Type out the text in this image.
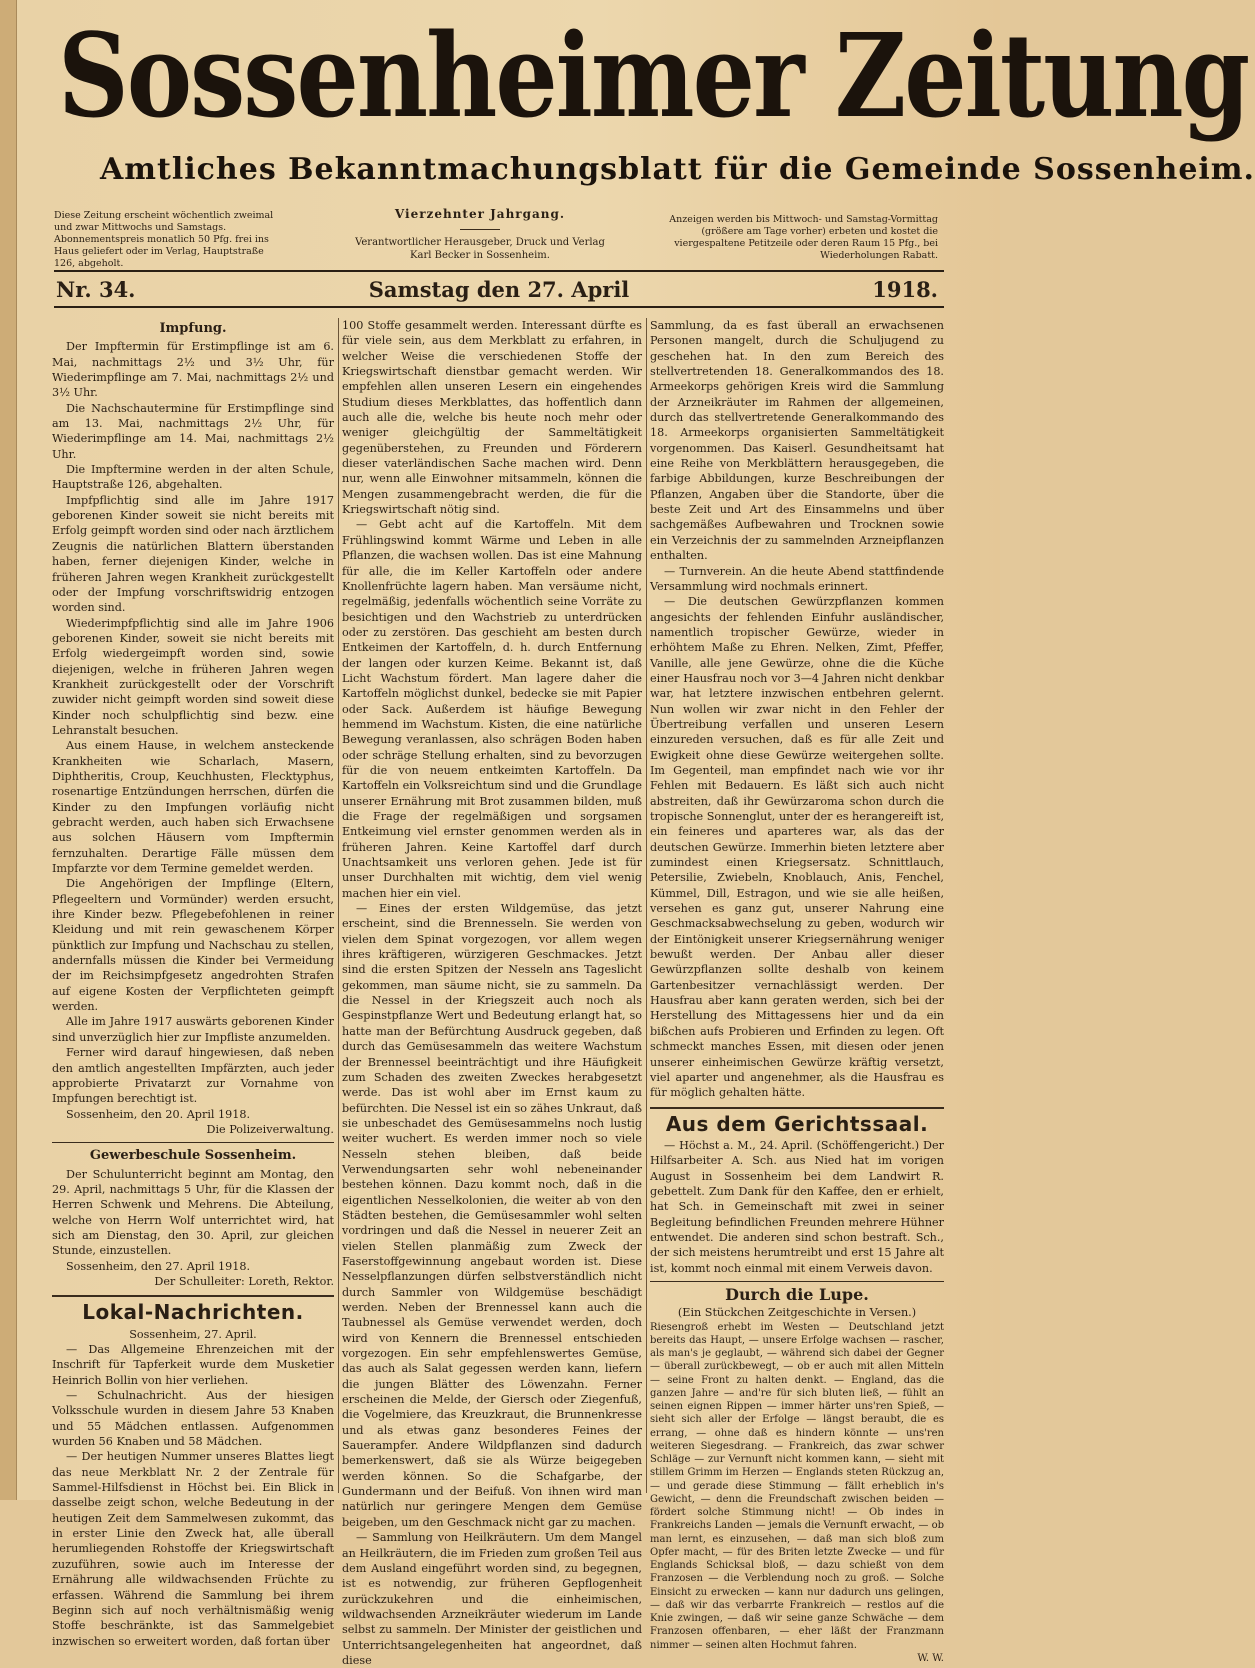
Sossenheimer Zeitung
Amtliches Bekanntmachungsblatt für die Gemeinde Sossenheim.
Diese Zeitung erscheint wöchentlich zweimal und zwar Mittwochs und Samstags. Abonnementspreis monatlich 50 Pfg. frei ins Haus geliefert oder im Verlag, Hauptstraße 126, abgeholt.
Vierzehnter Jahrgang.
Verantwortlicher Herausgeber, Druck und Verlag
Karl Becker in Sossenheim.
Anzeigen werden bis Mittwoch- und Samstag-Vormittag (größere am Tage vorher) erbeten und kostet die viergespaltene Petitzeile oder deren Raum 15 Pfg., bei Wiederholungen Rabatt.
Nr. 34.	Samstag den 27. April	1918.
Impfung.

Der Impftermin für Erstimpflinge ist am 6. Mai, nachmittags 2½ und 3½ Uhr, für Wiederimpflinge am 7. Mai, nachmittags 2½ und 3½ Uhr.

Die Nachschautermine für Erstimpflinge sind am 13. Mai, nachmittags 2½ Uhr, für Wiederimpflinge am 14. Mai, nachmittags 2½ Uhr.

Die Impftermine werden in der alten Schule, Hauptstraße 126, abgehalten.

Impfpflichtig sind alle im Jahre 1917 geborenen Kinder soweit sie nicht bereits mit Erfolg geimpft worden sind oder nach ärztlichem Zeugnis die natürlichen Blattern überstanden haben, ferner diejenigen Kinder, welche in früheren Jahren wegen Krankheit zurückgestellt oder der Impfung vorschriftswidrig entzogen worden sind.

Wiederimpfpflichtig sind alle im Jahre 1906 geborenen Kinder, soweit sie nicht bereits mit Erfolg wiedergeimpft worden sind, sowie diejenigen, welche in früheren Jahren wegen Krankheit zurückgestellt oder der Vorschrift zuwider nicht geimpft worden sind soweit diese Kinder noch schulpflichtig sind bezw. eine Lehranstalt besuchen.

Aus einem Hause, in welchem ansteckende Krankheiten wie Scharlach, Masern, Diphtheritis, Croup, Keuchhusten, Flecktyphus, rosenartige Entzündungen herrschen, dürfen die Kinder zu den Impfungen vorläufig nicht gebracht werden, auch haben sich Erwachsene aus solchen Häusern vom Impftermin fernzuhalten. Derartige Fälle müssen dem Impfarzte vor dem Termine gemeldet werden.

Die Angehörigen der Impflinge (Eltern, Pflegeeltern und Vormünder) werden ersucht, ihre Kinder bezw. Pflegebefohlenen in reiner Kleidung und mit rein gewaschenem Körper pünktlich zur Impfung und Nachschau zu stellen, andernfalls müssen die Kinder bei Vermeidung der im Reichsimpfgesetz angedrohten Strafen auf eigene Kosten der Verpflichteten geimpft werden.

Alle im Jahre 1917 auswärts geborenen Kinder sind unverzüglich hier zur Impfliste anzumelden.

Ferner wird darauf hingewiesen, daß neben den amtlich angestellten Impfärzten, auch jeder approbierte Privatarzt zur Vornahme von Impfungen berechtigt ist.

Sossenheim, den 20. April 1918.

Die Polizeiverwaltung.

Gewerbeschule Sossenheim.

Der Schulunterricht beginnt am Montag, den 29. April, nachmittags 5 Uhr, für die Klassen der Herren Schwenk und Mehrens. Die Abteilung, welche von Herrn Wolf unterrichtet wird, hat sich am Dienstag, den 30. April, zur gleichen Stunde, einzustellen.

Sossenheim, den 27. April 1918.

Der Schulleiter: Loreth, Rektor.

Lokal-Nachrichten.

Sossenheim, 27. April.

— Das Allgemeine Ehrenzeichen mit der Inschrift für Tapferkeit wurde dem Musketier Heinrich Bollin von hier verliehen.

— Schulnachricht. Aus der hiesigen Volksschule wurden in diesem Jahre 53 Knaben und 55 Mädchen entlassen. Aufgenommen wurden 56 Knaben und 58 Mädchen.

— Der heutigen Nummer unseres Blattes liegt das neue Merkblatt Nr. 2 der Zentrale für Sammel-Hilfsdienst in Höchst bei. Ein Blick in dasselbe zeigt schon, welche Bedeutung in der heutigen Zeit dem Sammelwesen zukommt, das in erster Linie den Zweck hat, alle überall herumliegenden Rohstoffe der Kriegswirtschaft zuzuführen, sowie auch im Interesse der Ernährung alle wildwachsenden Früchte zu erfassen. Während die Sammlung bei ihrem Beginn sich auf noch verhältnismäßig wenig Stoffe beschränkte, ist das Sammelgebiet inzwischen so erweitert worden, daß fortan über

100 Stoffe gesammelt werden. Interessant dürfte es für viele sein, aus dem Merkblatt zu erfahren, in welcher Weise die verschiedenen Stoffe der Kriegswirtschaft dienstbar gemacht werden. Wir empfehlen allen unseren Lesern ein eingehendes Studium dieses Merkblattes, das hoffentlich dann auch alle die, welche bis heute noch mehr oder weniger gleichgültig der Sammeltätigkeit gegenüberstehen, zu Freunden und Förderern dieser vaterländischen Sache machen wird. Denn nur, wenn alle Einwohner mitsammeln, können die Mengen zusammengebracht werden, die für die Kriegswirtschaft nötig sind.

— Gebt acht auf die Kartoffeln. Mit dem Frühlingswind kommt Wärme und Leben in alle Pflanzen, die wachsen wollen. Das ist eine Mahnung für alle, die im Keller Kartoffeln oder andere Knollenfrüchte lagern haben. Man versäume nicht, regelmäßig, jedenfalls wöchentlich seine Vorräte zu besichtigen und den Wachstrieb zu unterdrücken oder zu zerstören. Das geschieht am besten durch Entkeimen der Kartoffeln, d. h. durch Entfernung der langen oder kurzen Keime. Bekannt ist, daß Licht Wachstum fördert. Man lagere daher die Kartoffeln möglichst dunkel, bedecke sie mit Papier oder Sack. Außerdem ist häufige Bewegung hemmend im Wachstum. Kisten, die eine natürliche Bewegung veranlassen, also schrägen Boden haben oder schräge Stellung erhalten, sind zu bevorzugen für die von neuem entkeimten Kartoffeln. Da Kartoffeln ein Volksreichtum sind und die Grundlage unserer Ernährung mit Brot zusammen bilden, muß die Frage der regelmäßigen und sorgsamen Entkeimung viel ernster genommen werden als in früheren Jahren. Keine Kartoffel darf durch Unachtsamkeit uns verloren gehen. Jede ist für unser Durchhalten mit wichtig, dem viel wenig machen hier ein viel.

— Eines der ersten Wildgemüse, das jetzt erscheint, sind die Brennesseln. Sie werden von vielen dem Spinat vorgezogen, vor allem wegen ihres kräftigeren, würzigeren Geschmackes. Jetzt sind die ersten Spitzen der Nesseln ans Tageslicht gekommen, man säume nicht, sie zu sammeln. Da die Nessel in der Kriegszeit auch noch als Gespinstpflanze Wert und Bedeutung erlangt hat, so hatte man der Befürchtung Ausdruck gegeben, daß durch das Gemüsesammeln das weitere Wachstum der Brennessel beeinträchtigt und ihre Häufigkeit zum Schaden des zweiten Zweckes herabgesetzt werde. Das ist wohl aber im Ernst kaum zu befürchten. Die Nessel ist ein so zähes Unkraut, daß sie unbeschadet des Gemüsesammelns noch lustig weiter wuchert. Es werden immer noch so viele Nesseln stehen bleiben, daß beide Verwendungsarten sehr wohl nebeneinander bestehen können. Dazu kommt noch, daß in die eigentlichen Nesselkolonien, die weiter ab von den Städten bestehen, die Gemüsesammler wohl selten vordringen und daß die Nessel in neuerer Zeit an vielen Stellen planmäßig zum Zweck der Faserstoffgewinnung angebaut worden ist. Diese Nesselpflanzungen dürfen selbstverständlich nicht durch Sammler von Wildgemüse beschädigt werden. Neben der Brennessel kann auch die Taubnessel als Gemüse verwendet werden, doch wird von Kennern die Brennessel entschieden vorgezogen. Ein sehr empfehlenswertes Gemüse, das auch als Salat gegessen werden kann, liefern die jungen Blätter des Löwenzahn. Ferner erscheinen die Melde, der Giersch oder Ziegenfuß, die Vogelmiere, das Kreuzkraut, die Brunnenkresse und als etwas ganz besonderes Feines der Sauerampfer. Andere Wildpflanzen sind dadurch bemerkenswert, daß sie als Würze beigegeben werden können. So die Schafgarbe, der Gundermann und der Beifuß. Von ihnen wird man natürlich nur geringere Mengen dem Gemüse beigeben, um den Geschmack nicht gar zu machen.

— Sammlung von Heilkräutern. Um dem Mangel an Heilkräutern, die im Frieden zum großen Teil aus dem Ausland eingeführt worden sind, zu begegnen, ist es notwendig, zur früheren Gepflogenheit zurückzukehren und die einheimischen, wildwachsenden Arzneikräuter wiederum im Lande selbst zu sammeln. Der Minister der geistlichen und Unterrichtsangelegenheiten hat angeordnet, daß diese

Sammlung, da es fast überall an erwachsenen Personen mangelt, durch die Schuljugend zu geschehen hat. In den zum Bereich des stellvertretenden 18. Generalkommandos des 18. Armeekorps gehörigen Kreis wird die Sammlung der Arzneikräuter im Rahmen der allgemeinen, durch das stellvertretende Generalkommando des 18. Armeekorps organisierten Sammeltätigkeit vorgenommen. Das Kaiserl. Gesundheitsamt hat eine Reihe von Merkblättern herausgegeben, die farbige Abbildungen, kurze Beschreibungen der Pflanzen, Angaben über die Standorte, über die beste Zeit und Art des Einsammelns und über sachgemäßes Aufbewahren und Trocknen sowie ein Verzeichnis der zu sammelnden Arzneipflanzen enthalten.

— Turnverein. An die heute Abend stattfindende Versammlung wird nochmals erinnert.

— Die deutschen Gewürzpflanzen kommen angesichts der fehlenden Einfuhr ausländischer, namentlich tropischer Gewürze, wieder in erhöhtem Maße zu Ehren. Nelken, Zimt, Pfeffer, Vanille, alle jene Gewürze, ohne die die Küche einer Hausfrau noch vor 3—4 Jahren nicht denkbar war, hat letztere inzwischen entbehren gelernt. Nun wollen wir zwar nicht in den Fehler der Übertreibung verfallen und unseren Lesern einzureden versuchen, daß es für alle Zeit und Ewigkeit ohne diese Gewürze weitergehen sollte. Im Gegenteil, man empfindet nach wie vor ihr Fehlen mit Bedauern. Es läßt sich auch nicht abstreiten, daß ihr Gewürzaroma schon durch die tropische Sonnenglut, unter der es herangereift ist, ein feineres und aparteres war, als das der deutschen Gewürze. Immerhin bieten letztere aber zumindest einen Kriegsersatz. Schnittlauch, Petersilie, Zwiebeln, Knoblauch, Anis, Fenchel, Kümmel, Dill, Estragon, und wie sie alle heißen, versehen es ganz gut, unserer Nahrung eine Geschmacksabwechselung zu geben, wodurch wir der Eintönigkeit unserer Kriegsernährung weniger bewußt werden. Der Anbau aller dieser Gewürzpflanzen sollte deshalb von keinem Gartenbesitzer vernachlässigt werden. Der Hausfrau aber kann geraten werden, sich bei der Herstellung des Mittagessens hier und da ein bißchen aufs Probieren und Erfinden zu legen. Oft schmeckt manches Essen, mit diesen oder jenen unserer einheimischen Gewürze kräftig versetzt, viel aparter und angenehmer, als die Hausfrau es für möglich gehalten hätte.

Aus dem Gerichtssaal.

— Höchst a. M., 24. April. (Schöffengericht.) Der Hilfsarbeiter A. Sch. aus Nied hat im vorigen August in Sossenheim bei dem Landwirt R. gebettelt. Zum Dank für den Kaffee, den er erhielt, hat Sch. in Gemeinschaft mit zwei in seiner Begleitung befindlichen Freunden mehrere Hühner entwendet. Die anderen sind schon bestraft. Sch., der sich meistens herumtreibt und erst 15 Jahre alt ist, kommt noch einmal mit einem Verweis davon.

Durch die Lupe.

(Ein Stückchen Zeitgeschichte in Versen.)

Riesengroß erhebt im Westen — Deutschland jetzt bereits das Haupt, — unsere Erfolge wachsen — rascher, als man's je geglaubt, — während sich dabei der Gegner — überall zurückbewegt, — ob er auch mit allen Mitteln — seine Front zu halten denkt. — England, das die ganzen Jahre — and're für sich bluten ließ, — fühlt an seinen eignen Rippen — immer härter uns'ren Spieß, — sieht sich aller der Erfolge — längst beraubt, die es errang, — ohne daß es hindern könnte — uns'ren weiteren Siegesdrang. — Frankreich, das zwar schwer Schläge — zur Vernunft nicht kommen kann, — sieht mit stillem Grimm im Herzen — Englands steten Rückzug an, — und gerade diese Stimmung — fällt erheblich in's Gewicht, — denn die Freundschaft zwischen beiden — fördert solche Stimmung nicht! — Ob indes in Frankreichs Landen — jemals die Vernunft erwacht, — ob man lernt, es einzusehen, — daß man sich bloß zum Opfer macht, — für des Briten letzte Zwecke — und für Englands Schicksal bloß, — dazu schießt von dem Franzosen — die Verblendung noch zu groß. — Solche Einsicht zu erwecken — kann nur dadurch uns gelingen, — daß wir das verbarrte Frankreich — restlos auf die Knie zwingen, — daß wir seine ganze Schwäche — dem Franzosen offenbaren, — eher läßt der Franzmann nimmer — seinen alten Hochmut fahren.

W. W.
